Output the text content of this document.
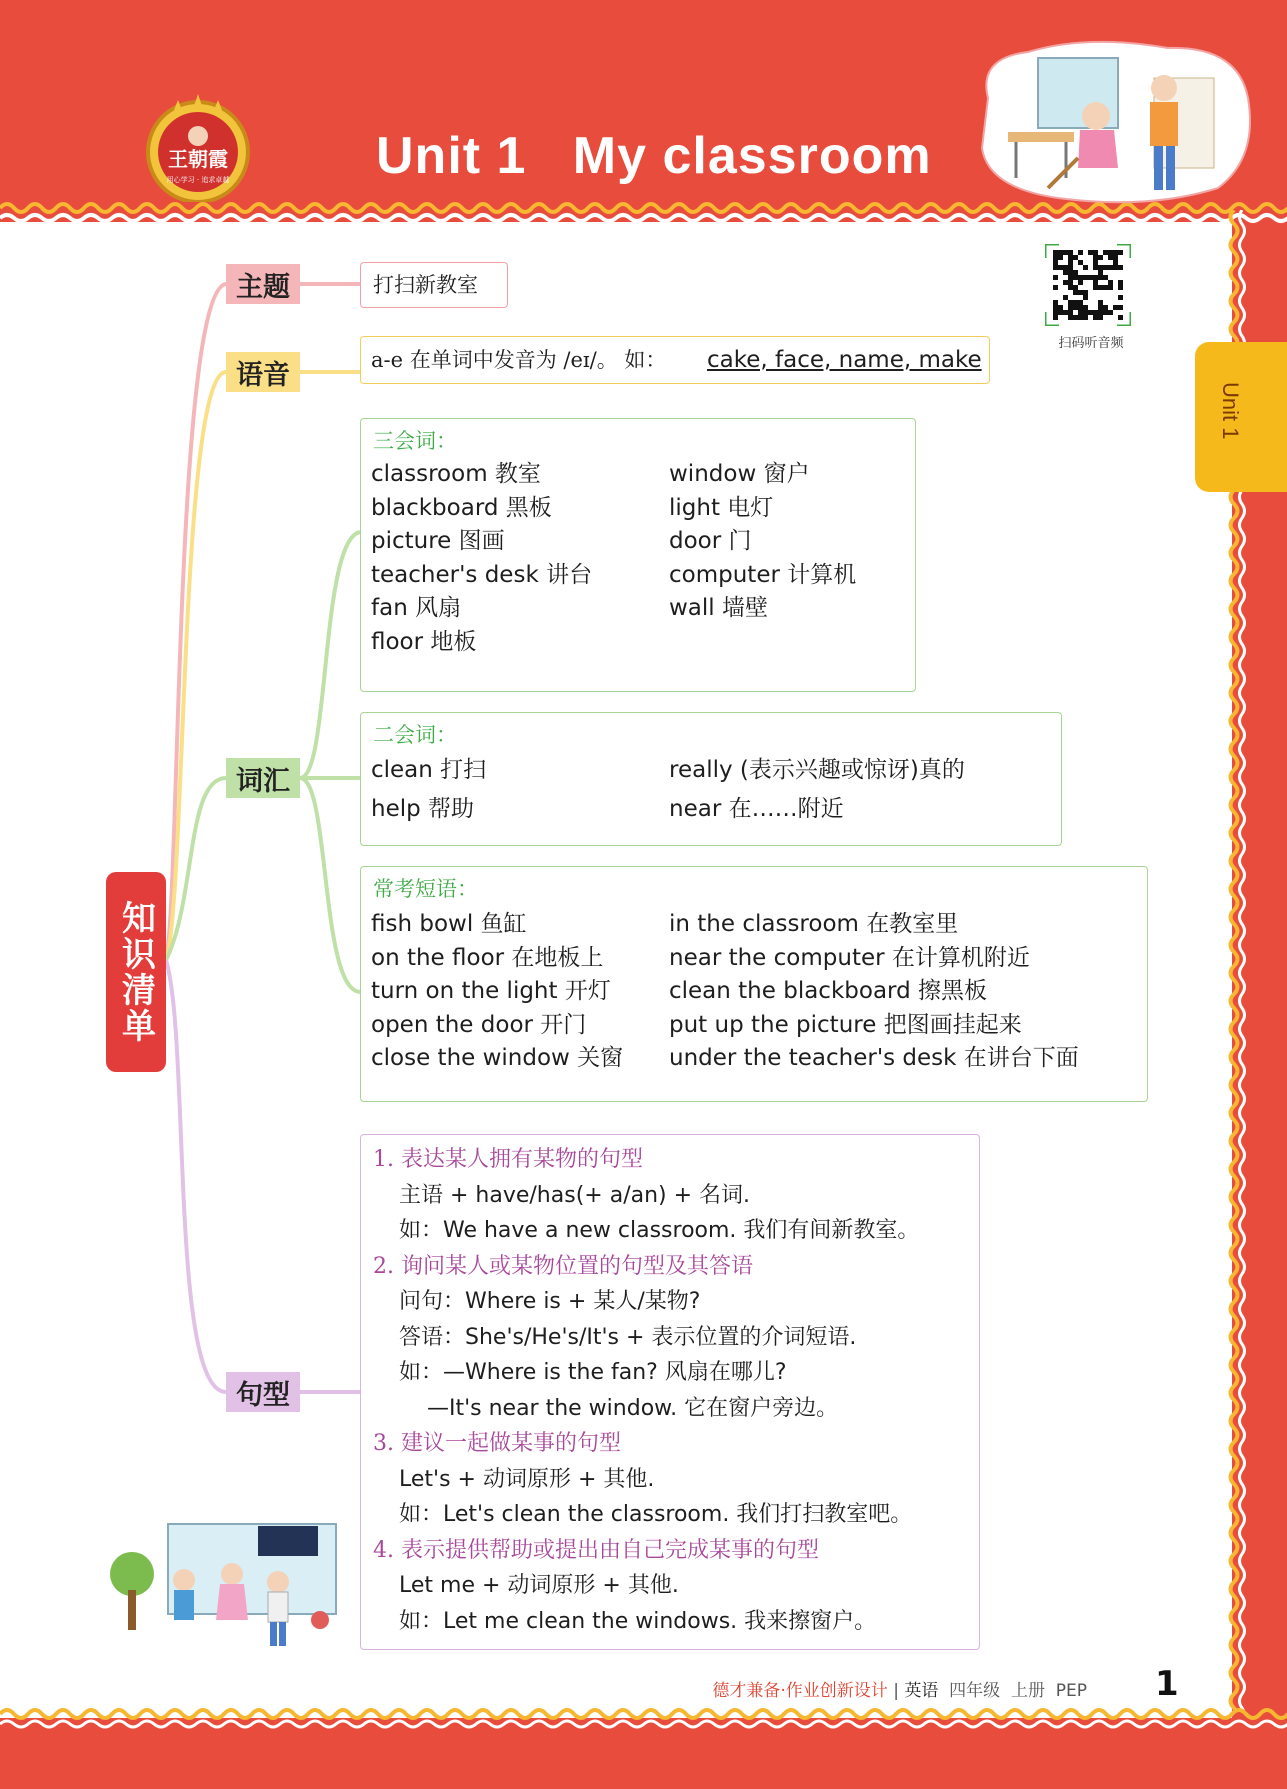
王朝霞
用心学习 · 追求卓越	Unit 1   My classroom
Unit 1
扫码听音频
知识清单
主题
语音
词汇
句型
打扫新教室
a-e 在单词中发音为 /eɪ/。 如： cake, face, name, make
三会词：
classroom 教室
blackboard 黑板
picture 图画
teacher's desk 讲台
fan 风扇
floor 地板
window 窗户
light 电灯
door 门
computer 计算机
wall 墙壁
二会词：
clean 打扫
help 帮助
really (表示兴趣或惊讶)真的
near 在……附近
常考短语：
fish bowl 鱼缸
on the floor 在地板上
turn on the light 开灯
open the door 开门
close the window 关窗
in the classroom 在教室里
near the computer 在计算机附近
clean the blackboard 擦黑板
put up the picture 把图画挂起来
under the teacher's desk 在讲台下面
1. 表达某人拥有某物的句型
主语 + have/has(+ a/an) + 名词.
如：We have a new classroom. 我们有间新教室。
2. 询问某人或某物位置的句型及其答语
问句：Where is + 某人/某物?
答语：She's/He's/It's + 表示位置的介词短语.
如：—Where is the fan? 风扇在哪儿?
—It's near the window. 它在窗户旁边。
3. 建议一起做某事的句型
Let's + 动词原形 + 其他.
如：Let's clean the classroom. 我们打扫教室吧。
4. 表示提供帮助或提出由自己完成某事的句型
Let me + 动词原形 + 其他.
如：Let me clean the windows. 我来擦窗户。
德才兼备·作业创新设计 | 英语  四年级  上册  PEP 1
